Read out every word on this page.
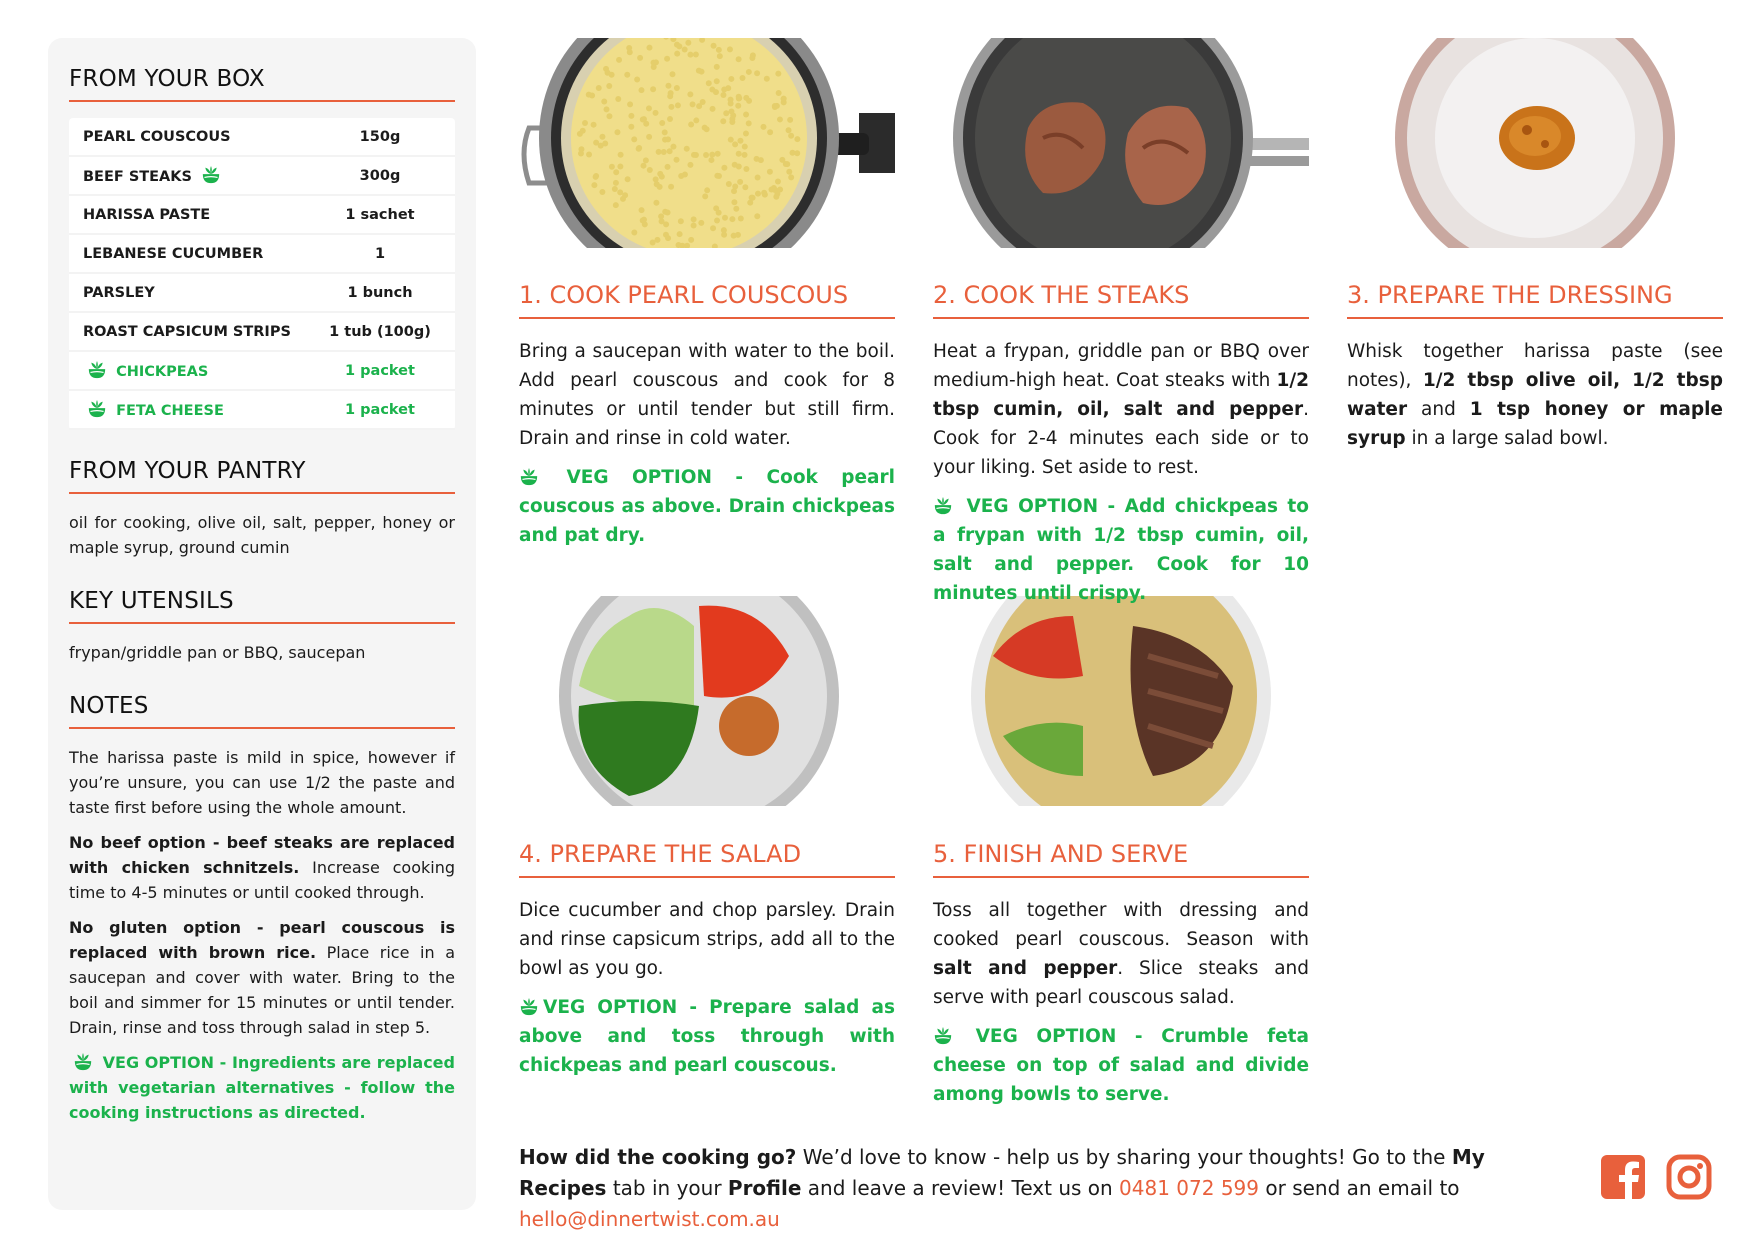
FROM YOUR BOX
PEARL COUSCOUS	150g
BEEF STEAKS	300g
HARISSA PASTE	1 sachet
LEBANESE CUCUMBER	1
PARSLEY	1 bunch
ROAST CAPSICUM STRIPS	1 tub (100g)
CHICKPEAS	1 packet
FETA CHEESE	1 packet
FROM YOUR PANTRY
oil for cooking, olive oil, salt, pepper, honey or maple syrup, ground cumin
KEY UTENSILS
frypan/griddle pan or BBQ, saucepan
NOTES
The harissa paste is mild in spice, however if you’re unsure, you can use 1/2 the paste and taste first before using the whole amount.
No beef option - beef steaks are replaced with chicken schnitzels. Increase cooking time to 4-5 minutes or until cooked through.
No gluten option - pearl couscous is replaced with brown rice. Place rice in a saucepan and cover with water. Bring to the boil and simmer for 15 minutes or until tender. Drain, rinse and toss through salad in step 5.
VEG OPTION - Ingredients are replaced with vegetarian alternatives - follow the cooking instructions as directed.
1. COOK PEARL COUSCOUS
Bring a saucepan with water to the boil. Add pearl couscous and cook for 8 minutes or until tender but still firm. Drain and rinse in cold water.
VEG OPTION - Cook pearl couscous as above. Drain chickpeas and pat dry.
2. COOK THE STEAKS
Heat a frypan, griddle pan or BBQ over medium-high heat. Coat steaks with 1/2 tbsp cumin, oil, salt and pepper. Cook for 2-4 minutes each side or to your liking. Set aside to rest.
VEG OPTION - Add chickpeas to a frypan with 1/2 tbsp cumin, oil, salt and pepper. Cook for 10 minutes until crispy.
3. PREPARE THE DRESSING
Whisk together harissa paste (see notes), 1/2 tbsp olive oil, 1/2 tbsp water and 1 tsp honey or maple syrup in a large salad bowl.
4. PREPARE THE SALAD
Dice cucumber and chop parsley. Drain and rinse capsicum strips, add all to the bowl as you go.
VEG OPTION - Prepare salad as above and toss through with chickpeas and pearl couscous.
5. FINISH AND SERVE
Toss all together with dressing and cooked pearl couscous. Season with salt and pepper. Slice steaks and serve with pearl couscous salad.
VEG OPTION - Crumble feta cheese on top of salad and divide among bowls to serve.
How did the cooking go? We’d love to know - help us by sharing your thoughts! Go to the My Recipes tab in your Profile and leave a review! Text us on 0481 072 599 or send an email to hello@dinnertwist.com.au
